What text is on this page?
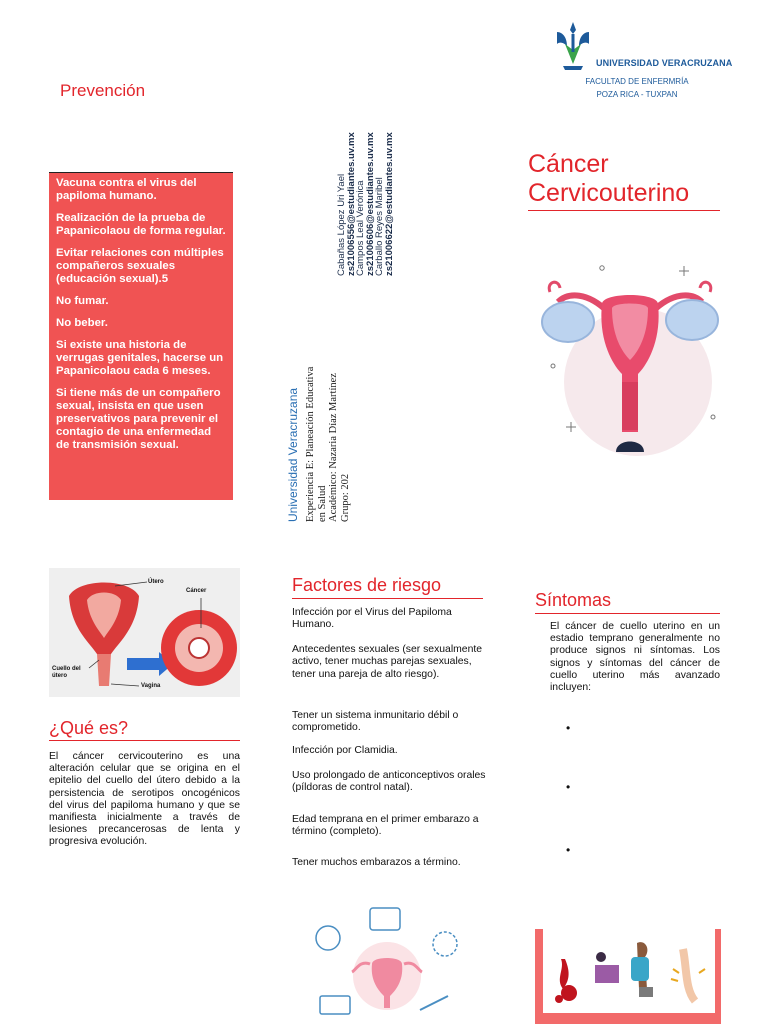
UNIVERSIDAD VERACRUZANA
FACULTAD DE ENFERMRÍA
POZA RICA - TUXPAN
Prevención

Vacuna contra el virus del papiloma humano.

Realización de la prueba de Papanicolaou de forma regular.

Evitar relaciones con múltiples compañeros sexuales (educación sexual).5

No fumar.

No beber.

Si existe una historia de verrugas genitales, hacerse un Papanicolaou cada 6 meses.

Si tiene más de un compañero sexual, insista en que usen preservativos para prevenir el contagio de una enfermedad de transmisión sexual.

Cabañas López Uri Yael
zs21006556@estudiantes.uv.mx
Campos Leal Verónica
zs21006606@estudiantes.uv.mx
Carballo Reyes Maribel
zs21006622@estudiantes.uv.mx
Universidad Veracruzana Experiencia E: Planeación Educativa en Salud Académico: Nazaria Díaz Martínez Grupo: 202
Cáncer
Cervicouterino
Útero
Cáncer
Cuello del útero
Vagina
¿Qué es?
El cáncer cervicouterino es una alteración celular que se origina en el epitelio del cuello del útero debido a la persistencia de serotipos oncogénicos del virus del papiloma humano y que se manifiesta inicialmente a través de lesiones precancerosas de lenta y progresiva evolución.
Factores de riesgo
Infección por el Virus del Papiloma Humano.
Antecedentes sexuales (ser sexualmente activo, tener muchas parejas sexuales, tener una pareja de alto riesgo).
Tener un sistema inmunitario débil o comprometido.
Infección por Clamidia.
Uso prolongado de anticonceptivos orales (píldoras de control natal).
Edad temprana en el primer embarazo a término (completo).
Tener muchos embarazos a término.
Síntomas
El cáncer de cuello uterino en un estadio temprano generalmente no produce signos ni síntomas. Los signos y síntomas del cáncer de cuello uterino más avanzado incluyen:
•
•
•
